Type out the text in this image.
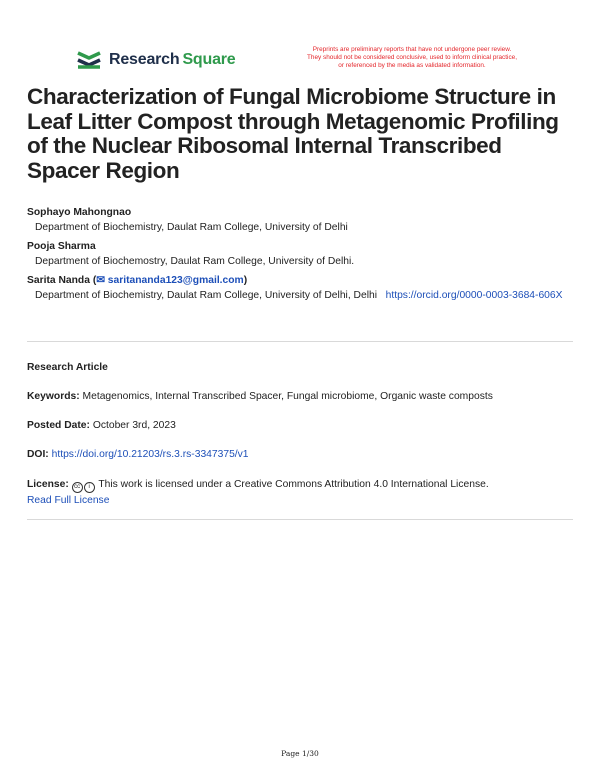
Research Square
Preprints are preliminary reports that have not undergone peer review.
They should not be considered conclusive, used to inform clinical practice,
or referenced by the media as validated information.
Characterization of Fungal Microbiome Structure in Leaf Litter Compost through Metagenomic Profiling of the Nuclear Ribosomal Internal Transcribed Spacer Region
Sophayo Mahongnao
Department of Biochemistry, Daulat Ram College, University of Delhi
Pooja Sharma
Department of Biochemostry, Daulat Ram College, University of Delhi.
Sarita Nanda (✉ saritananda123@gmail.com)
Department of Biochemistry, Daulat Ram College, University of Delhi, Delhi https://orcid.org/0000-0003-3684-606X
Research Article
Keywords: Metagenomics, Internal Transcribed Spacer, Fungal microbiome, Organic waste composts
Posted Date: October 3rd, 2023
DOI: https://doi.org/10.21203/rs.3.rs-3347375/v1
License: cc i This work is licensed under a Creative Commons Attribution 4.0 International License.
Read Full License
Page 1/30
